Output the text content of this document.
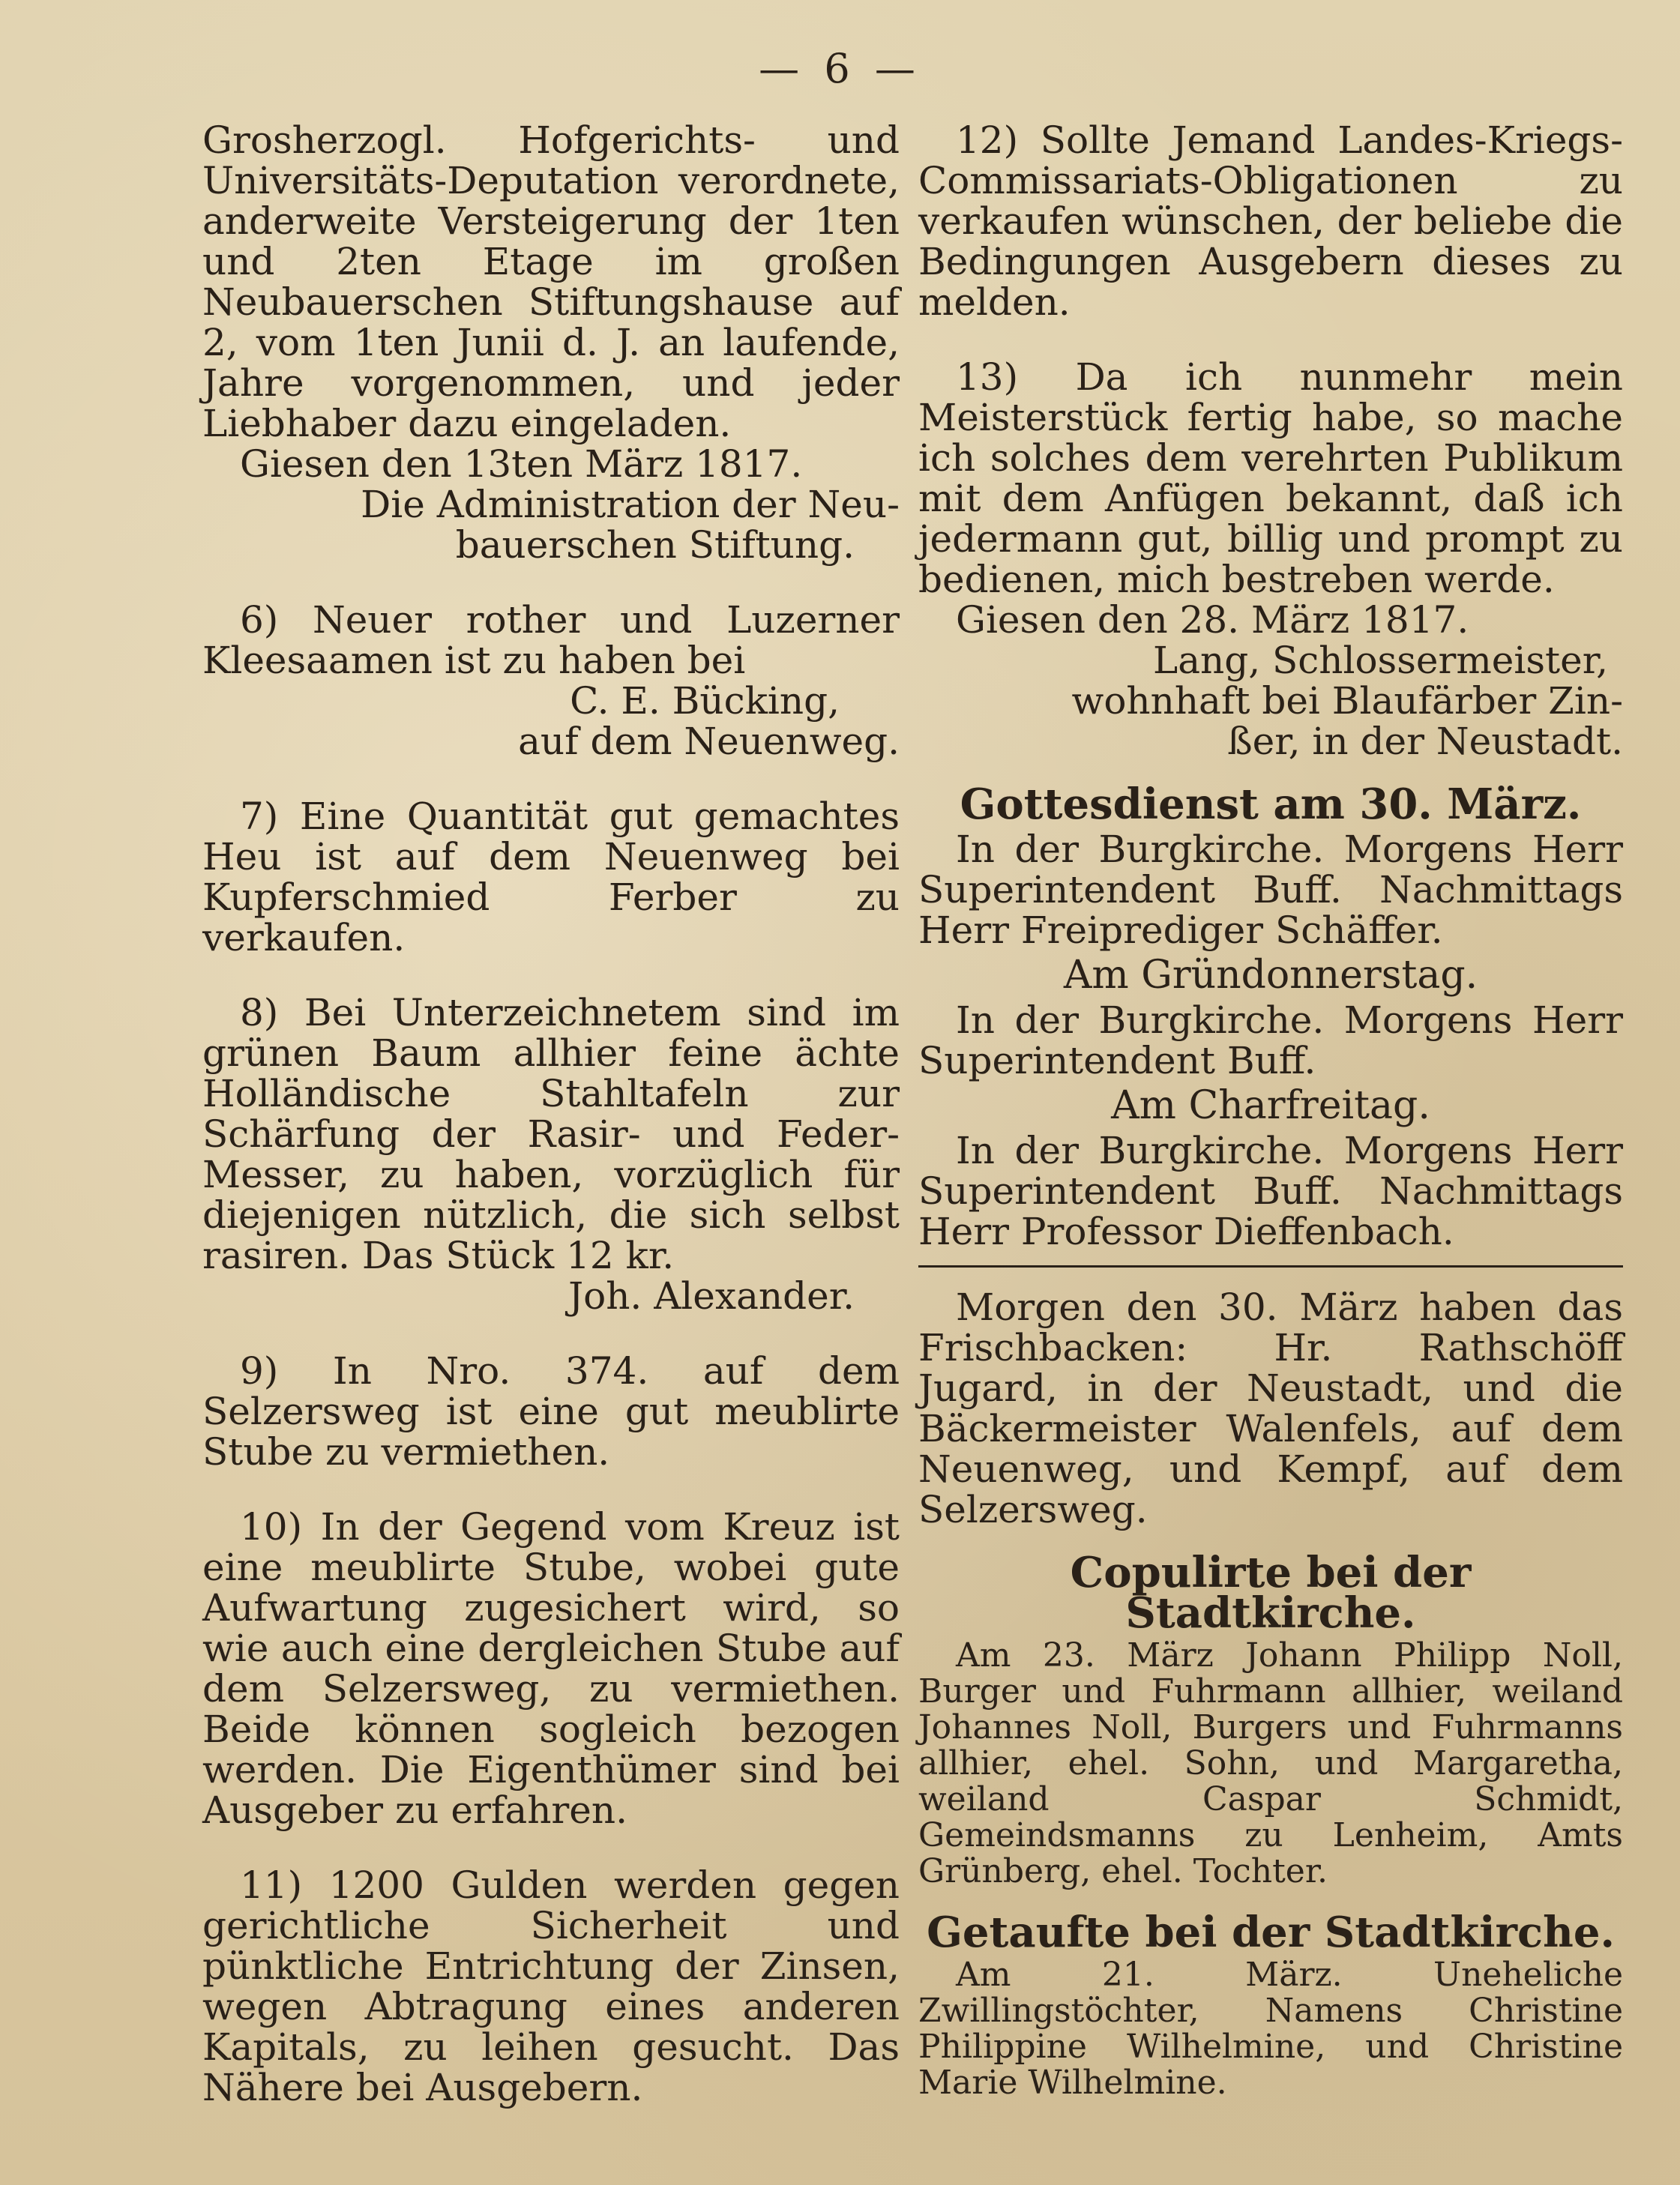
— 6 —
Grosherzogl. Hofgerichts- und Universitäts-Deputation verordnete, anderweite Versteigerung der 1ten und 2ten Etage im großen Neubauerschen Stiftungshause auf 2, vom 1ten Junii d. J. an laufende, Jahre vorgenommen, und jeder Liebhaber dazu eingeladen.
Giesen den 13ten März 1817.
Die Administration der Neu-
bauerschen Stiftung.
6) Neuer rother und Luzerner Kleesaamen ist zu haben bei
C. E. Bücking,
auf dem Neuenweg.
7) Eine Quantität gut gemachtes Heu ist auf dem Neuenweg bei Kupferschmied Ferber zu verkaufen.
8) Bei Unterzeichnetem sind im grünen Baum allhier feine ächte Holländische Stahltafeln zur Schärfung der Rasir- und Feder-Messer, zu haben, vorzüglich für diejenigen nützlich, die sich selbst rasiren. Das Stück 12 kr.
Joh. Alexander.
9) In Nro. 374. auf dem Selzersweg ist eine gut meublirte Stube zu vermiethen.
10) In der Gegend vom Kreuz ist eine meublirte Stube, wobei gute Aufwartung zugesichert wird, so wie auch eine dergleichen Stube auf dem Selzersweg, zu vermiethen. Beide können sogleich bezogen werden. Die Eigenthümer sind bei Ausgeber zu erfahren.
11) 1200 Gulden werden gegen gerichtliche Sicherheit und pünktliche Entrichtung der Zinsen, wegen Abtragung eines anderen Kapitals, zu leihen gesucht. Das Nähere bei Ausgebern.
12) Sollte Jemand Landes-Kriegs-Commissariats-Obligationen zu verkaufen wünschen, der beliebe die Bedingungen Ausgebern dieses zu melden.
13) Da ich nunmehr mein Meisterstück fertig habe, so mache ich solches dem verehrten Publikum mit dem Anfügen bekannt, daß ich jedermann gut, billig und prompt zu bedienen, mich bestreben werde.
Giesen den 28. März 1817.
Lang, Schlossermeister,
wohnhaft bei Blaufärber Zin-
ßer, in der Neustadt.
Gottesdienst am 30. März.
In der Burgkirche. Morgens Herr Superintendent Buff. Nachmittags Herr Freiprediger Schäffer.
Am Gründonnerstag.
In der Burgkirche. Morgens Herr Superintendent Buff.
Am Charfreitag.
In der Burgkirche. Morgens Herr Superintendent Buff. Nachmittags Herr Professor Dieffenbach.
Morgen den 30. März haben das Frischbacken: Hr. Rathschöff Jugard, in der Neustadt, und die Bäckermeister Walenfels, auf dem Neuenweg, und Kempf, auf dem Selzersweg.
Copulirte bei der Stadtkirche.
Am 23. März Johann Philipp Noll, Burger und Fuhrmann allhier, weiland Johannes Noll, Burgers und Fuhrmanns allhier, ehel. Sohn, und Margaretha, weiland Caspar Schmidt, Gemeindsmanns zu Lenheim, Amts Grünberg, ehel. Tochter.
Getaufte bei der Stadtkirche.
Am 21. März. Uneheliche Zwillingstöchter, Namens Christine Philippine Wilhelmine, und Christine Marie Wilhelmine.
